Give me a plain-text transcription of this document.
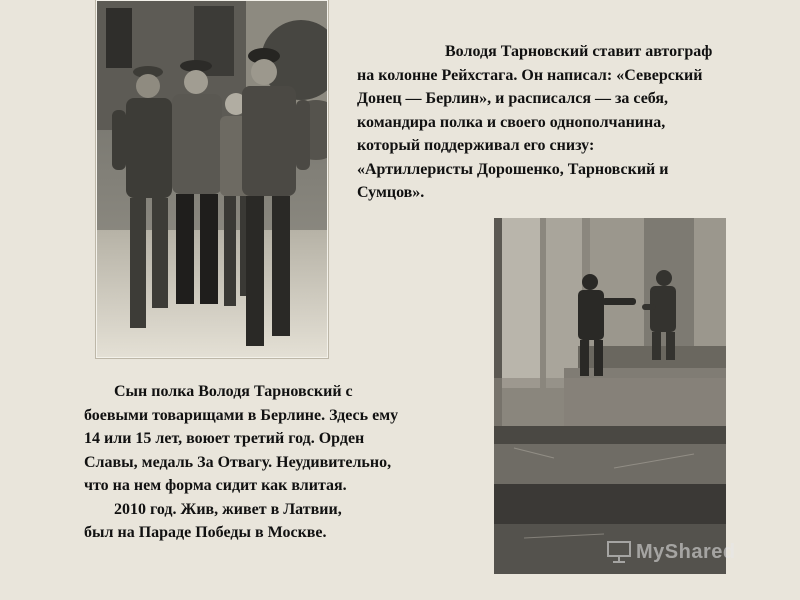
Володя Тарновский ставит автограф
на колонне Рейхстага. Он написал: «Северский
Донец — Берлин», и расписался — за себя,
командира полка и своего однополчанина,
который поддерживал его снизу:
«Артиллеристы Дорошенко, Тарновский и
Сумцов».

Сын полка Володя Тарновский с
боевыми товарищами в Берлине. Здесь ему
14 или 15 лет, воюет третий год. Орден
Славы, медаль За Отвагу. Неудивительно,
что на нем форма сидит как влитая.
2010 год. Жив, живет в Латвии,
был на Параде Победы в Москве.

MyShared
